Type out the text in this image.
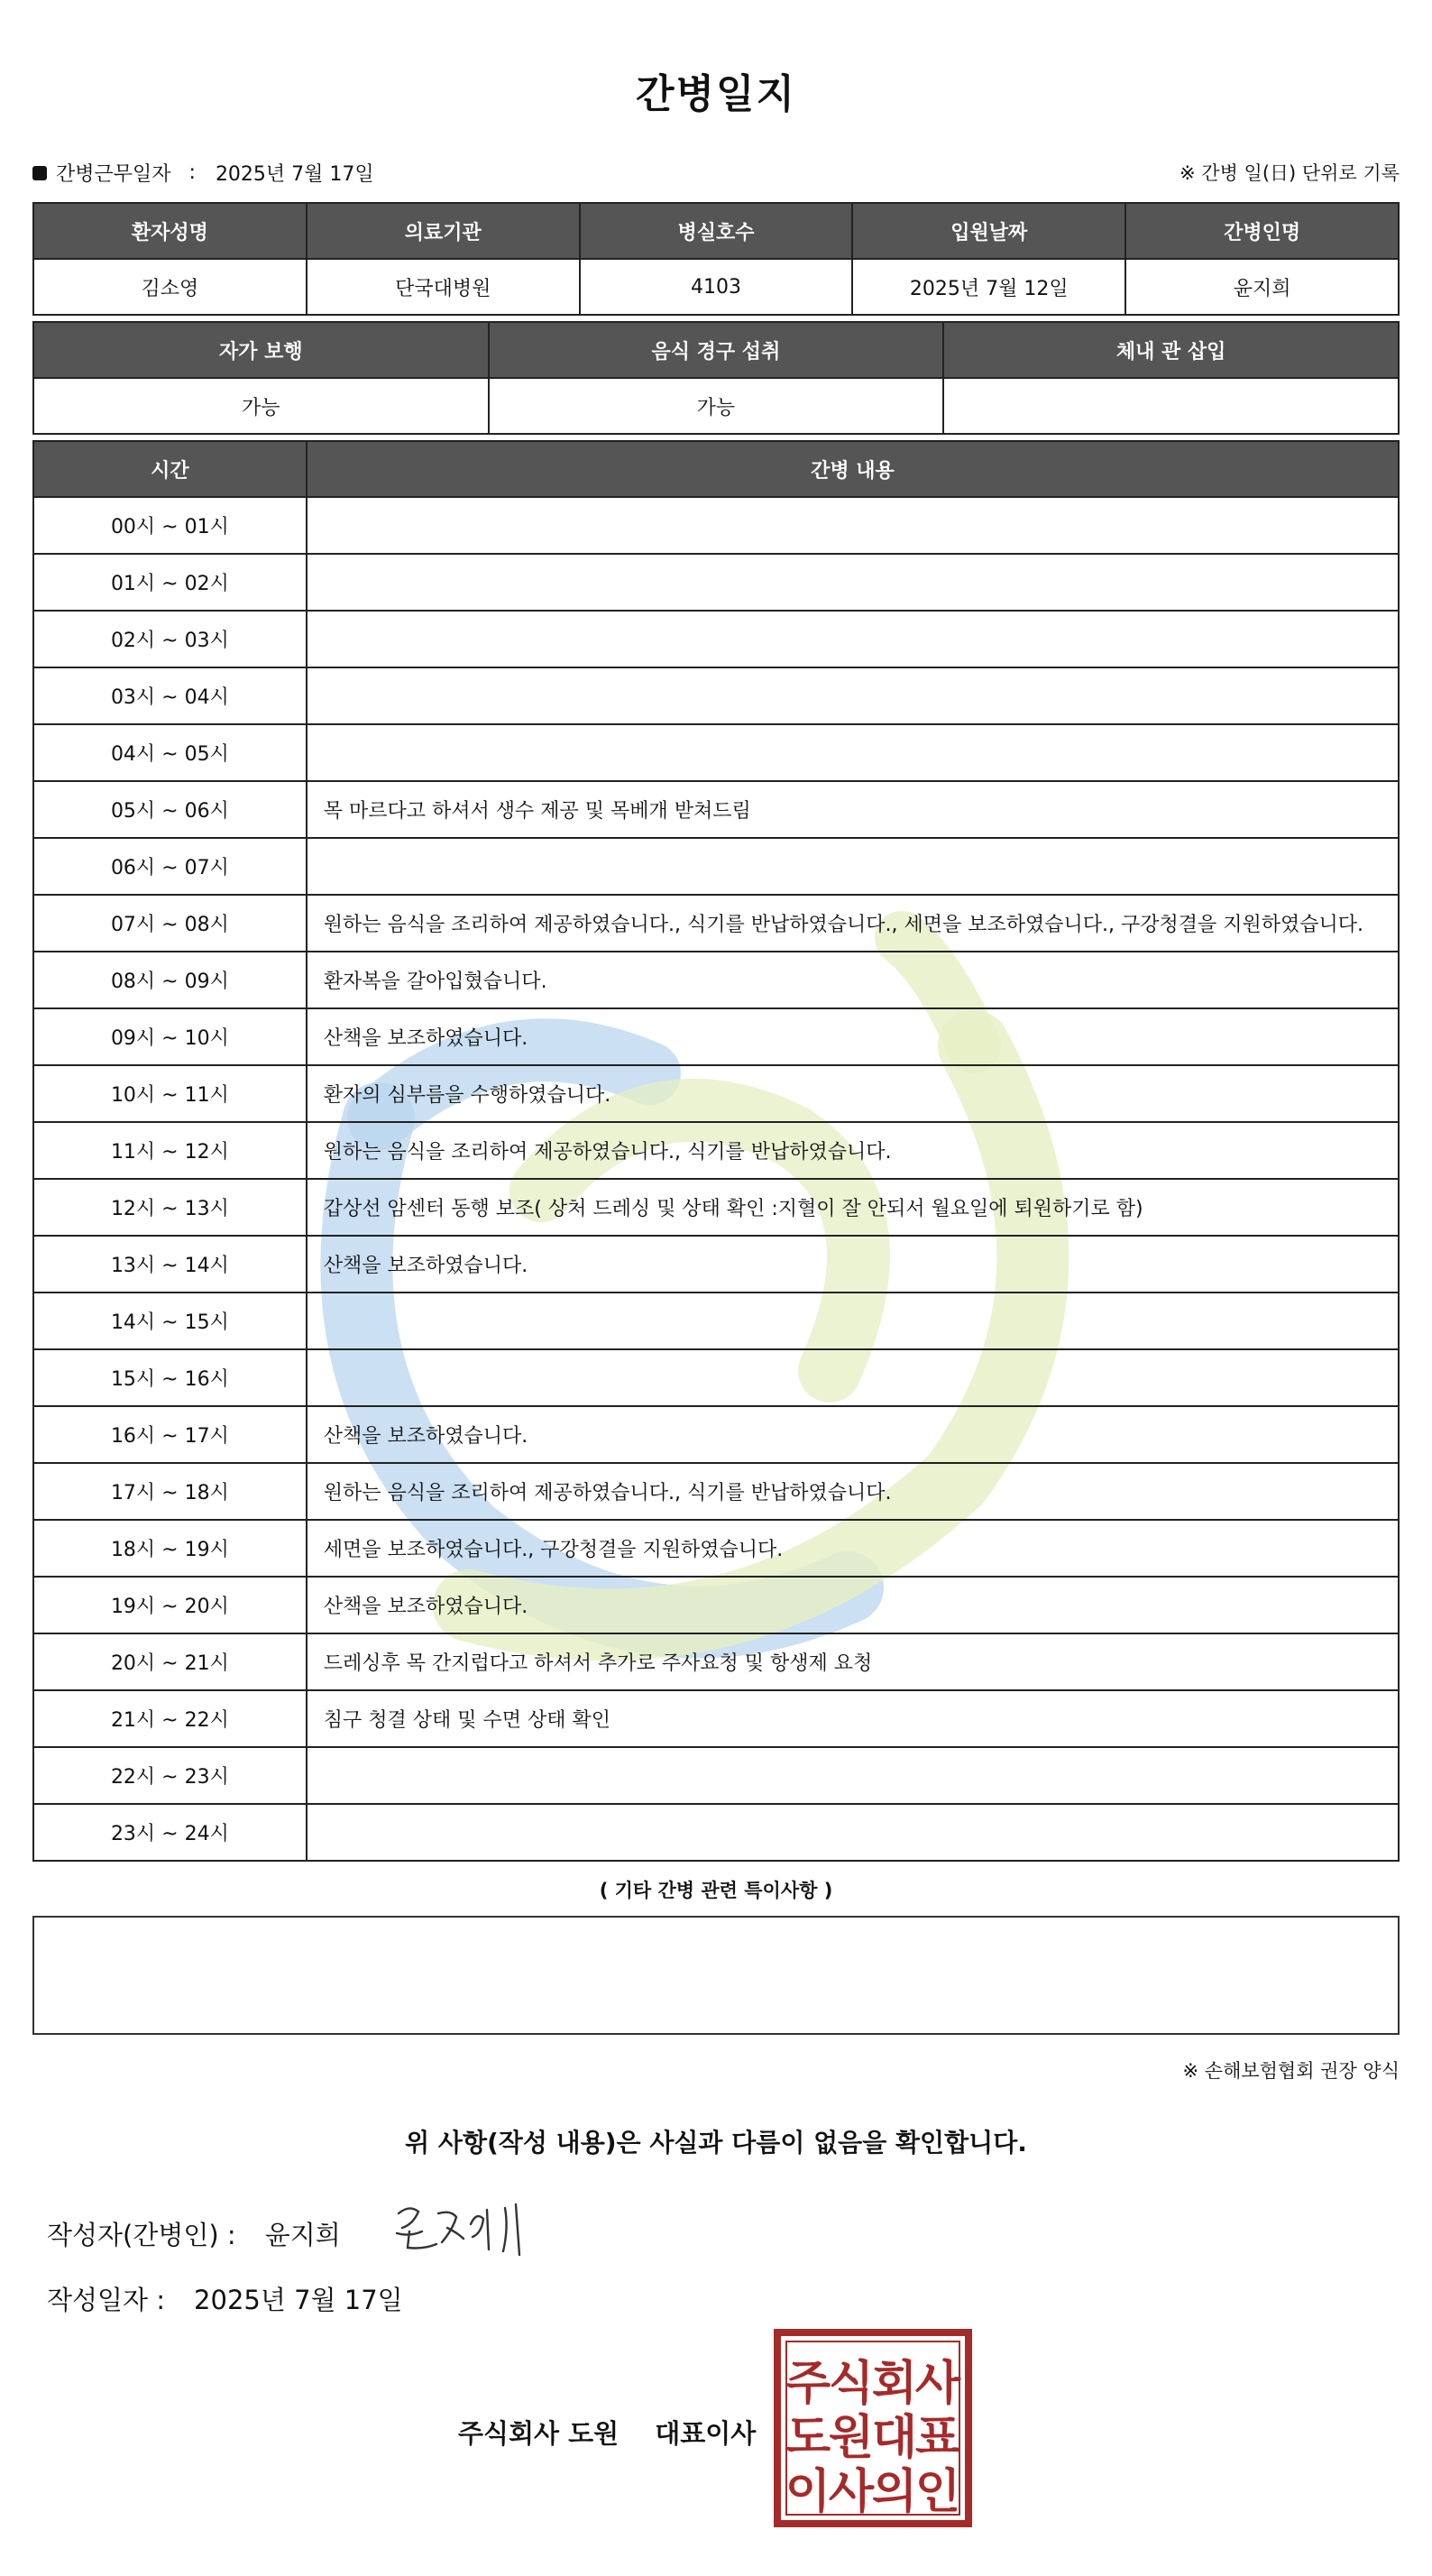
간병일지
간병근무일자 : 2025년 7월 17일	※ 간병 일(日) 단위로 기록
환자성명	의료기관	병실호수	입원날짜	간병인명
김소영	단국대병원	4103	2025년 7월 12일	윤지희
자가 보행	음식 경구 섭취	체내 관 삽입
가능	가능	
시간	간병 내용
00시 ~ 01시	
01시 ~ 02시	
02시 ~ 03시	
03시 ~ 04시	
04시 ~ 05시	
05시 ~ 06시	목 마르다고 하셔서 생수 제공 및 목베개 받쳐드림
06시 ~ 07시	
07시 ~ 08시	원하는 음식을 조리하여 제공하였습니다., 식기를 반납하였습니다., 세면을 보조하였습니다., 구강청결을 지원하였습니다.
08시 ~ 09시	환자복을 갈아입혔습니다.
09시 ~ 10시	산책을 보조하였습니다.
10시 ~ 11시	환자의 심부름을 수행하였습니다.
11시 ~ 12시	원하는 음식을 조리하여 제공하였습니다., 식기를 반납하였습니다.
12시 ~ 13시	갑상선 암센터 동행 보조( 상처 드레싱 및 상태 확인 :지혈이 잘 안되서 월요일에 퇴원하기로 함)
13시 ~ 14시	산책을 보조하였습니다.
14시 ~ 15시	
15시 ~ 16시	
16시 ~ 17시	산책을 보조하였습니다.
17시 ~ 18시	원하는 음식을 조리하여 제공하였습니다., 식기를 반납하였습니다.
18시 ~ 19시	세면을 보조하였습니다., 구강청결을 지원하였습니다.
19시 ~ 20시	산책을 보조하였습니다.
20시 ~ 21시	드레싱후 목 간지럽다고 하셔서 추가로 주사요청 및 항생제 요청
21시 ~ 22시	침구 청결 상태 및 수면 상태 확인
22시 ~ 23시	
23시 ~ 24시	
( 기타 간병 관련 특이사항 )
※ 손해보험협회 권장 양식
위 사항(작성 내용)은 사실과 다름이 없음을 확인합니다.
작성자(간병인) : 윤지희
작성일자 : 2025년 7월 17일
주식회사 도원 대표이사
주
식
회
사
도
원
대
표
이
사
의
인
